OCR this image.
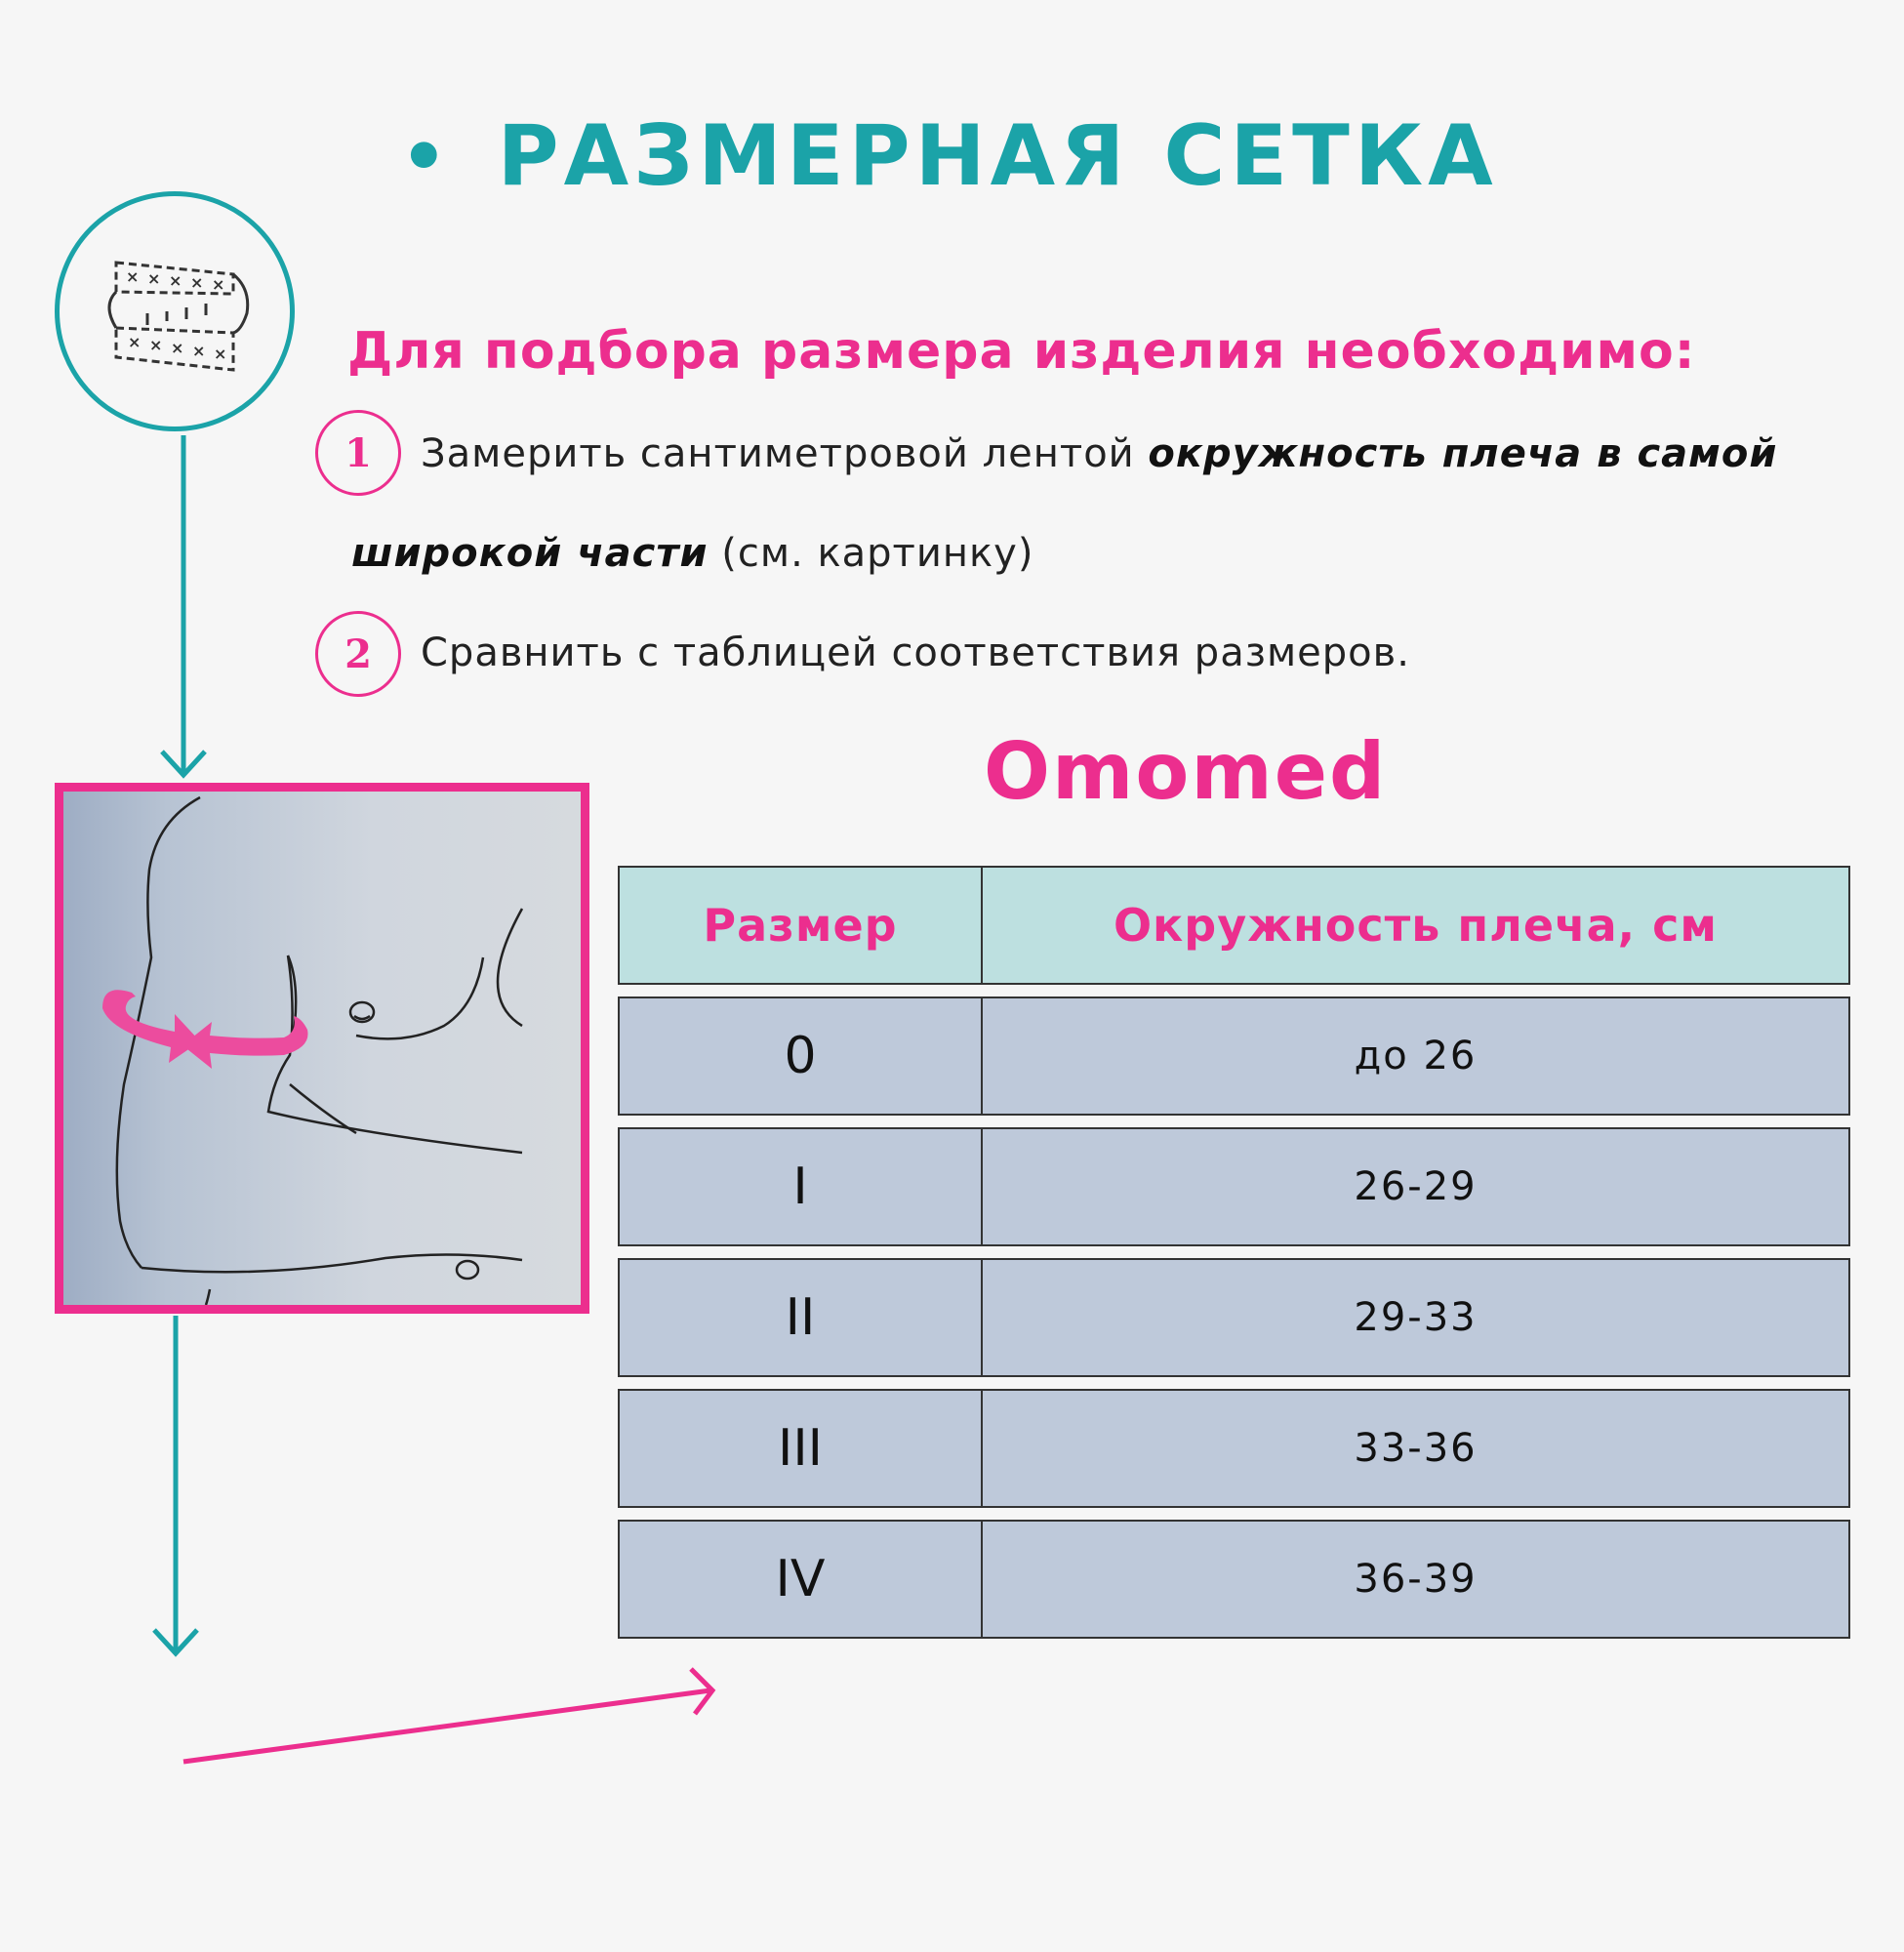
• РАЗМЕРНАЯ СЕТКА
× × × × ×
× × × × × Для подбора размера изделия необходимо:
1	Замерить сантиметровой лентой окружность плеча в самой
широкой части (см. картинку)
2	Сравнить с таблицей соответствия размеров.
Omomed
Размер	Окружность плеча, см
0	до 26
I	26-29
II	29-33
III	33-36
IV	36-39
